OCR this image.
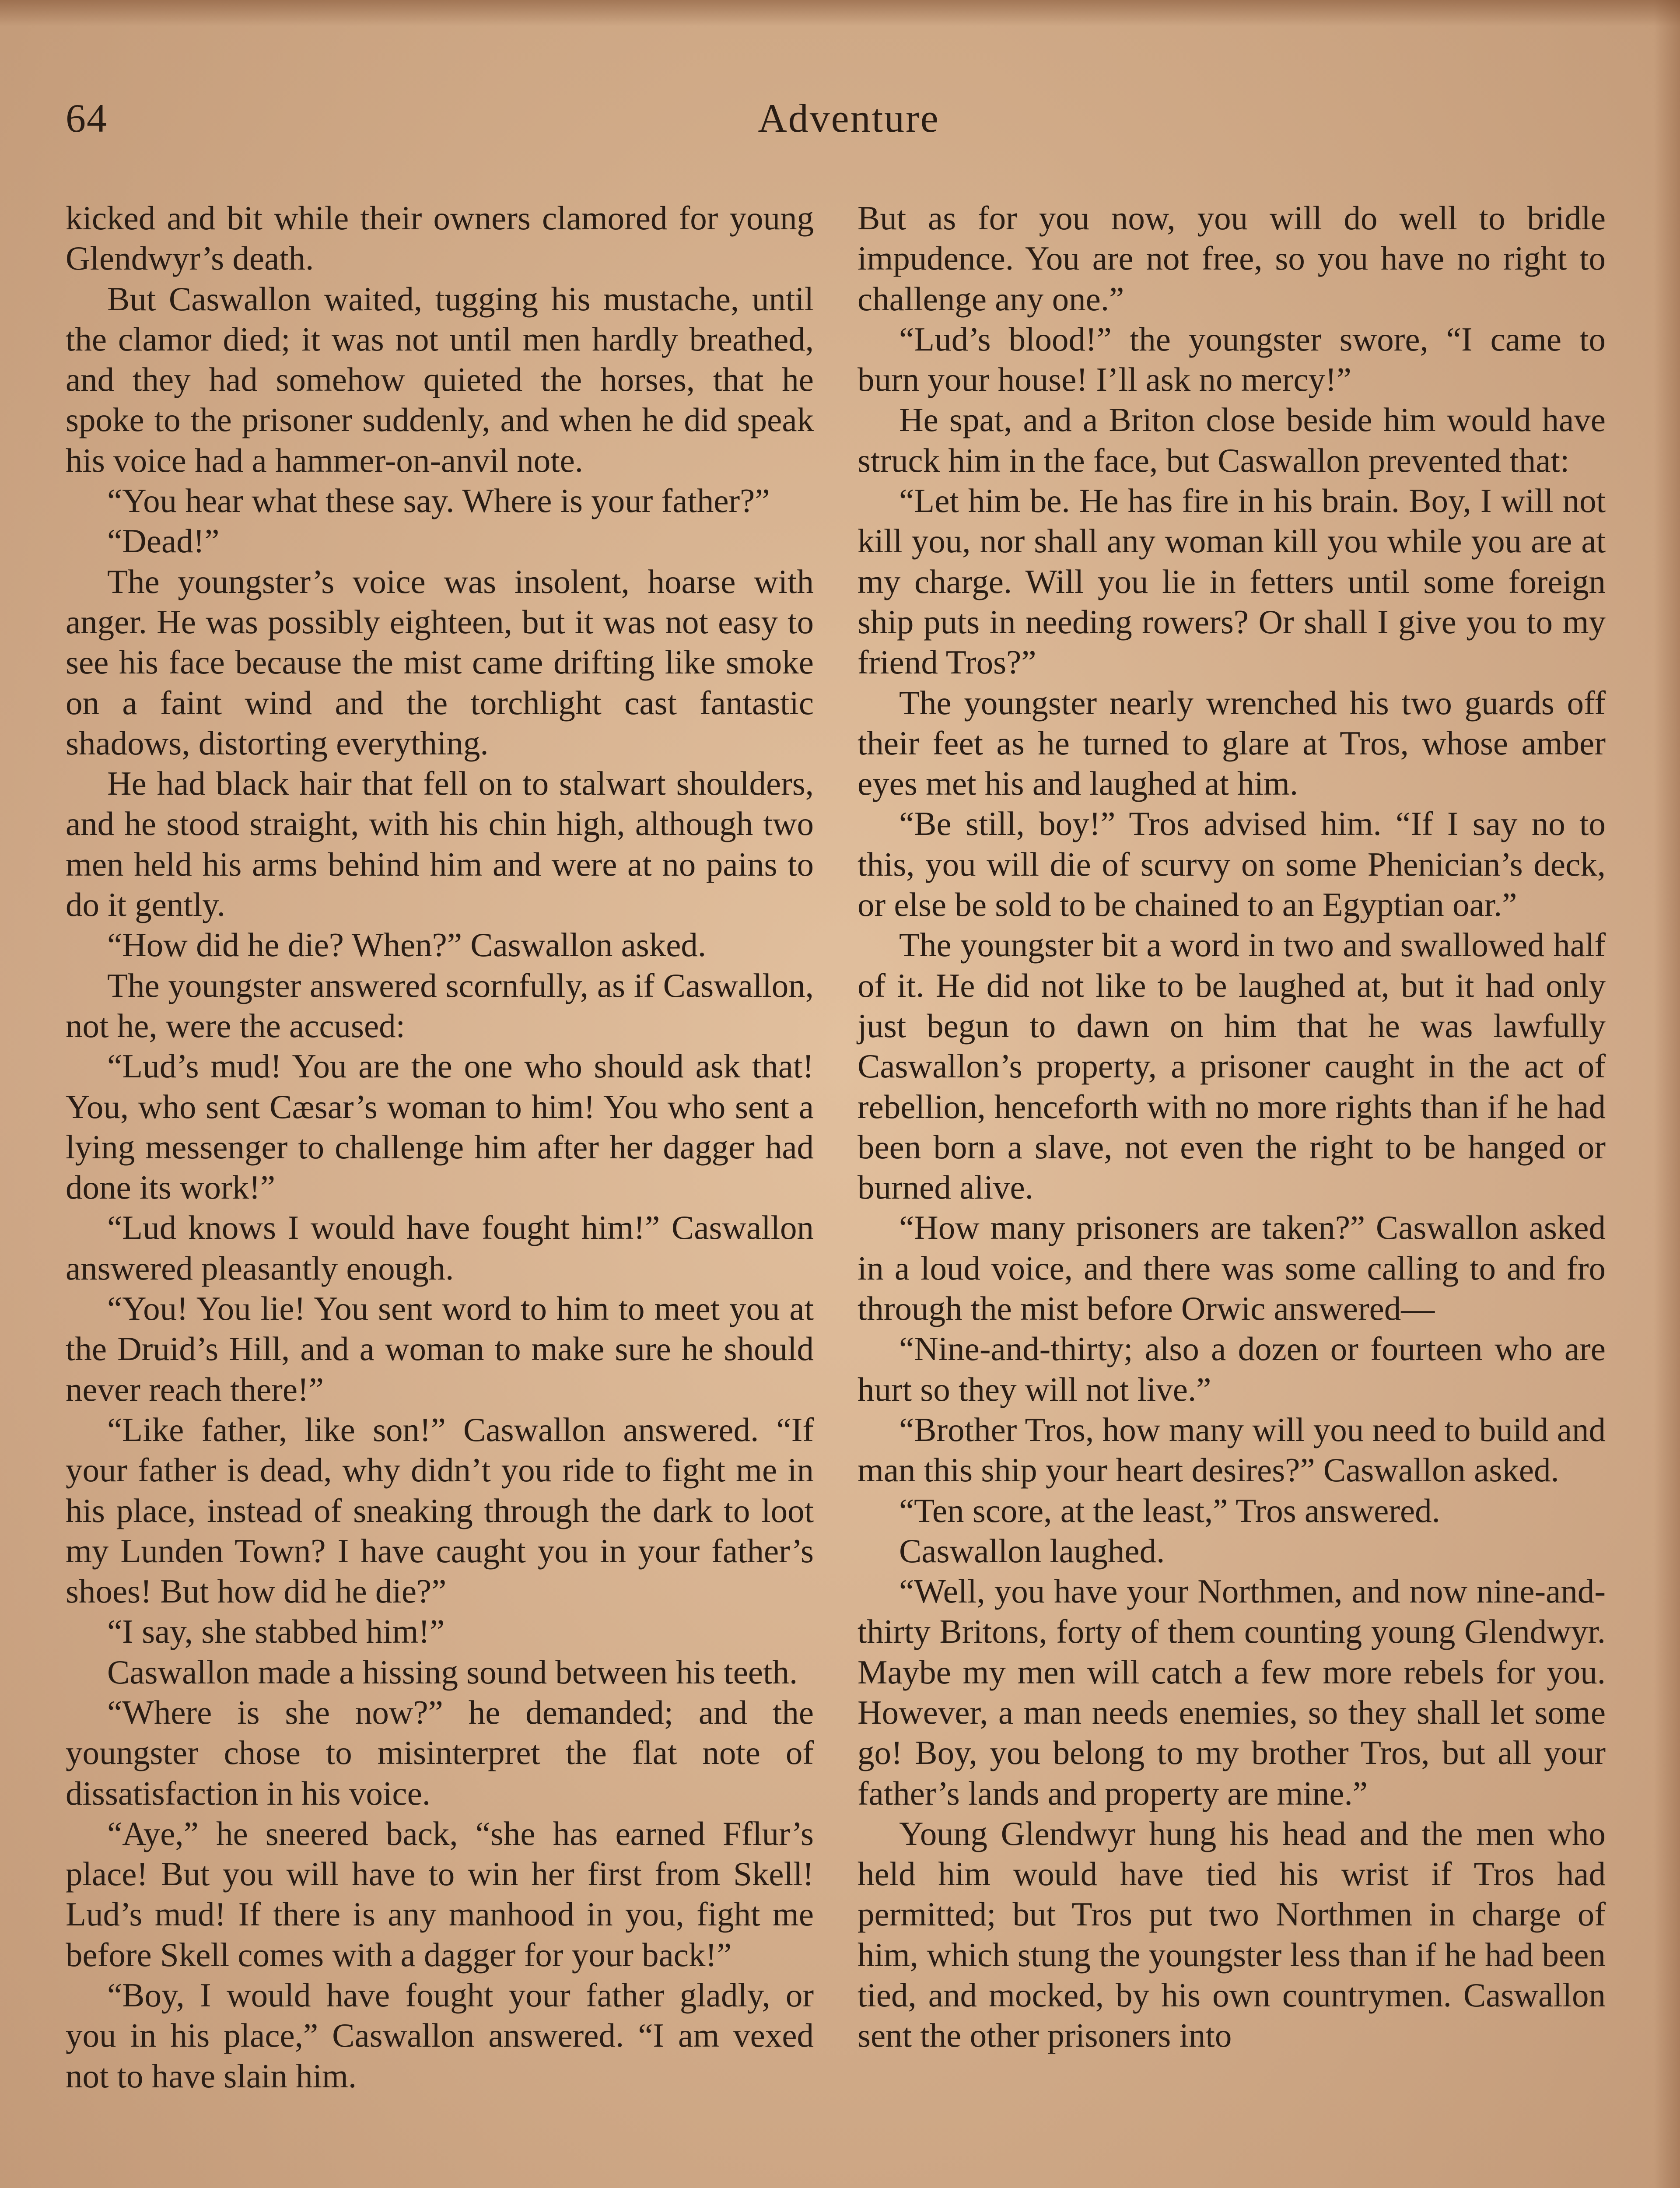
64	Adventure

kicked and bit while their owners clamored for young Glendwyr’s death.

But Caswallon waited, tugging his mustache, until the clamor died; it was not until men hardly breathed, and they had somehow quieted the horses, that he spoke to the prisoner suddenly, and when he did speak his voice had a hammer-on-anvil note.

“You hear what these say. Where is your father?”

“Dead!”

The youngster’s voice was insolent, hoarse with anger. He was possibly eighteen, but it was not easy to see his face because the mist came drifting like smoke on a faint wind and the torchlight cast fantastic shadows, distorting everything.

He had black hair that fell on to stalwart shoulders, and he stood straight, with his chin high, although two men held his arms behind him and were at no pains to do it gently.

“How did he die? When?” Caswallon asked.

The youngster answered scornfully, as if Caswallon, not he, were the accused:

“Lud’s mud! You are the one who should ask that! You, who sent Cæsar’s woman to him! You who sent a lying messenger to challenge him after her dagger had done its work!”

“Lud knows I would have fought him!” Caswallon answered pleasantly enough.

“You! You lie! You sent word to him to meet you at the Druid’s Hill, and a woman to make sure he should never reach there!”

“Like father, like son!” Caswallon answered. “If your father is dead, why didn’t you ride to fight me in his place, instead of sneaking through the dark to loot my Lunden Town? I have caught you in your father’s shoes! But how did he die?”

“I say, she stabbed him!”

Caswallon made a hissing sound between his teeth.

“Where is she now?” he demanded; and the youngster chose to misinterpret the flat note of dissatisfaction in his voice.

“Aye,” he sneered back, “she has earned Fflur’s place! But you will have to win her first from Skell! Lud’s mud! If there is any manhood in you, fight me before Skell comes with a dagger for your back!”

“Boy, I would have fought your father gladly, or you in his place,” Caswallon answered. “I am vexed not to have slain him.

But as for you now, you will do well to bridle impudence. You are not free, so you have no right to challenge any one.”

“Lud’s blood!” the youngster swore, “I came to burn your house! I’ll ask no mercy!”

He spat, and a Briton close beside him would have struck him in the face, but Caswallon prevented that:

“Let him be. He has fire in his brain. Boy, I will not kill you, nor shall any woman kill you while you are at my charge. Will you lie in fetters until some foreign ship puts in needing rowers? Or shall I give you to my friend Tros?”

The youngster nearly wrenched his two guards off their feet as he turned to glare at Tros, whose amber eyes met his and laughed at him.

“Be still, boy!” Tros advised him. “If I say no to this, you will die of scurvy on some Phenician’s deck, or else be sold to be chained to an Egyptian oar.”

The youngster bit a word in two and swallowed half of it. He did not like to be laughed at, but it had only just begun to dawn on him that he was lawfully Caswallon’s property, a prisoner caught in the act of rebellion, henceforth with no more rights than if he had been born a slave, not even the right to be hanged or burned alive.

“How many prisoners are taken?” Caswallon asked in a loud voice, and there was some calling to and fro through the mist before Orwic answered—

“Nine-and-thirty; also a dozen or fourteen who are hurt so they will not live.”

“Brother Tros, how many will you need to build and man this ship your heart desires?” Caswallon asked.

“Ten score, at the least,” Tros answered.

Caswallon laughed.

“Well, you have your Northmen, and now nine-and-thirty Britons, forty of them counting young Glendwyr. Maybe my men will catch a few more rebels for you. However, a man needs enemies, so they shall let some go! Boy, you belong to my brother Tros, but all your father’s lands and property are mine.”

Young Glendwyr hung his head and the men who held him would have tied his wrist if Tros had permitted; but Tros put two Northmen in charge of him, which stung the youngster less than if he had been tied, and mocked, by his own countrymen. Caswallon sent the other prisoners into
